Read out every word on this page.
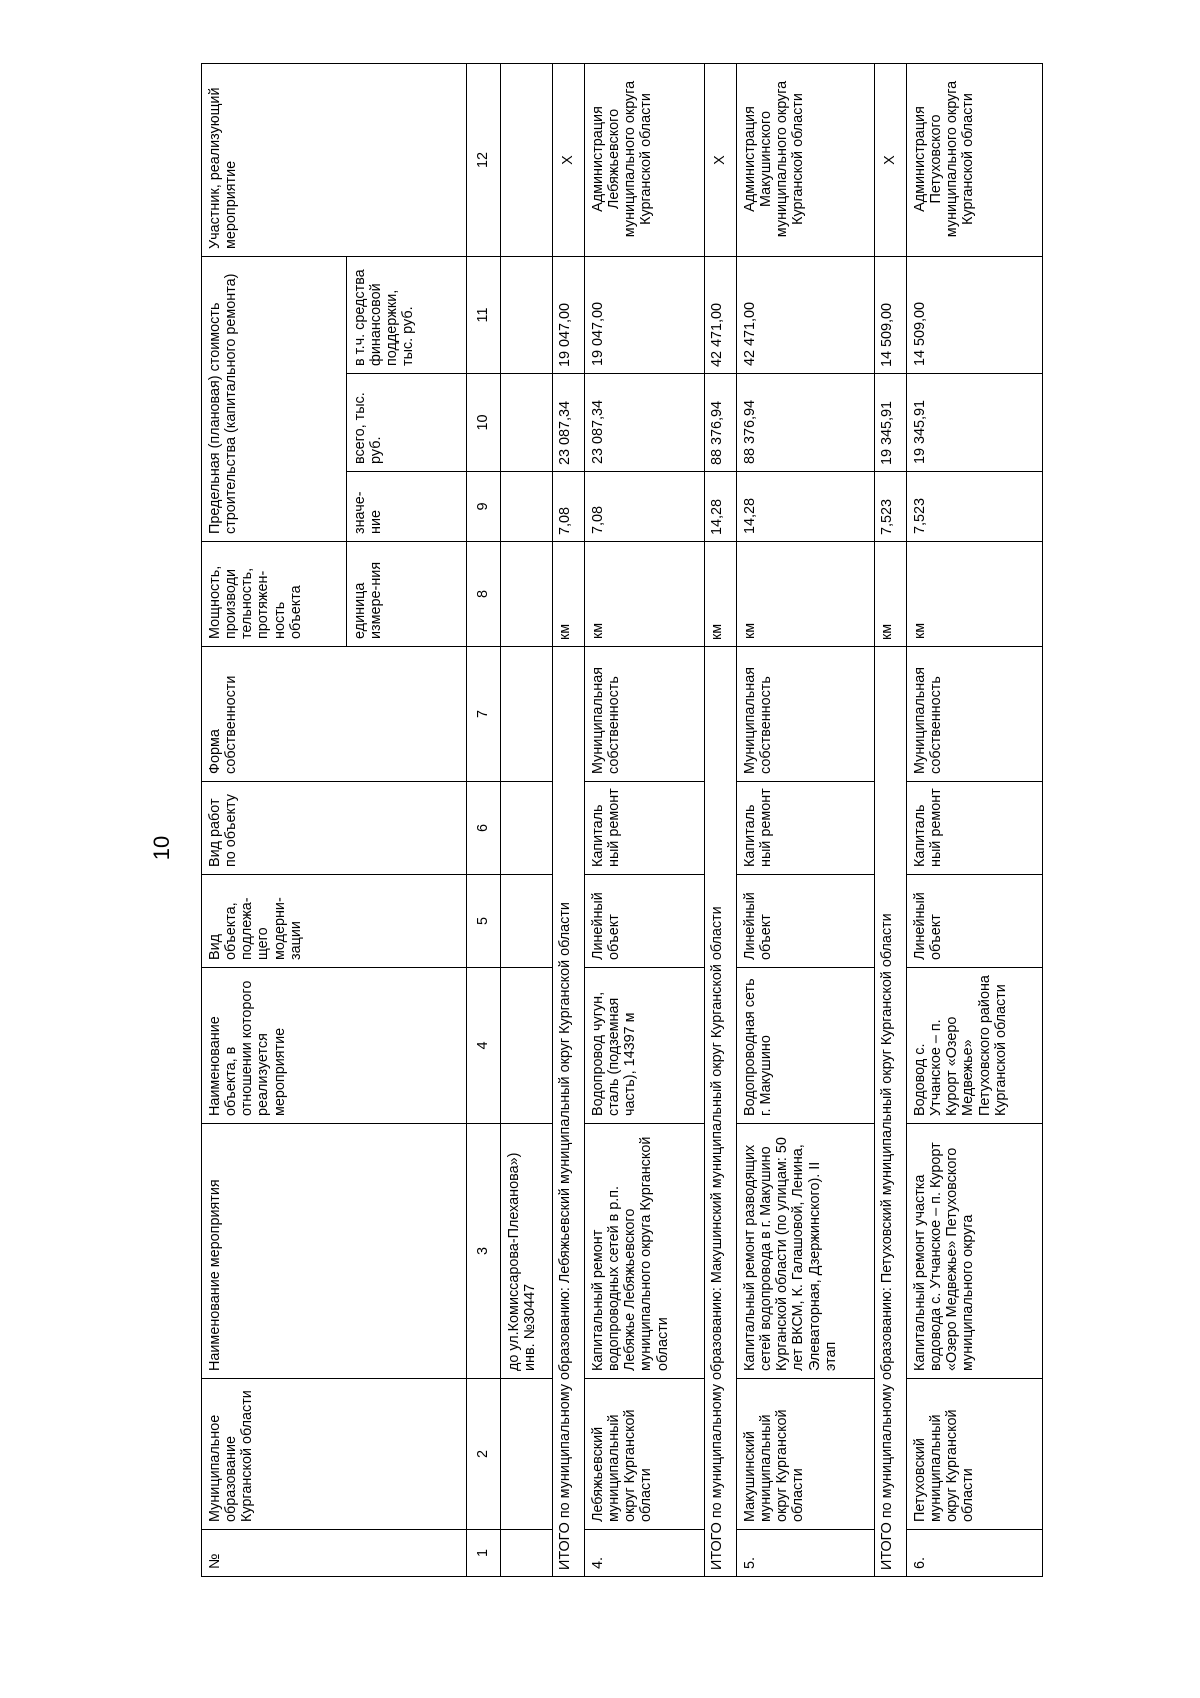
10
№	Муниципальное образование Курганской области	Наименование мероприятия	Наименование объекта, в отношении которого реализуется мероприятие	Вид объекта, подлежа-щего модерни-зации	Вид работ по объекту	Форма собственности	Мощность, производи тельность, протяжен-ность объекта	Предельная (плановая) стоимость строительства (капитального ремонта)			Участник, реализующий мероприятие
							единица измере-ния	значе-ние	всего, тыс. руб.	в т.ч. средства финансовой поддержки, тыс. руб.	
1	2	3	4	5	6	7	8	9	10	11	12
		до ул.Комиссарова-Плеханова») инв. №30447									
ИТОГО по муниципальному образованию: Лебяжьевский муниципальный округ Курганской области							км	7,08	23 087,34	19 047,00	Х
4.	Лебяжьевский муниципальный округ Курганской области	Капитальный ремонт водопроводных сетей в р.п. Лебяжье Лебяжьевского муниципального округа Курганской области	Водопровод чугун, сталь (подземная часть), 14397 м	Линейный объект	Капиталь ный ремонт	Муниципальная собственность	км	7,08	23 087,34	19 047,00	Администрация Лебяжьевского муниципального округа Курганской области
ИТОГО по муниципальному образованию: Макушинский муниципальный округ Курганской области							км	14,28	88 376,94	42 471,00	Х
5.	Макушинский муниципальный округ Курганской области	Капитальный ремонт разводящих сетей водопровода в г. Макушино Курганской области (по улицам: 50 лет ВКСМ, К. Галашовой, Ленина, Элеваторная, Дзержинского). II этап	Водопроводная сеть г. Макушино	Линейный объект	Капиталь ный ремонт	Муниципальная собственность	км	14,28	88 376,94	42 471,00	Администрация Макушинского муниципального округа Курганской области
ИТОГО по муниципальному образованию: Петуховский муниципальный округ Курганской области							км	7,523	19 345,91	14 509,00	Х
6.	Петуховский муниципальный округ Курганской области	Капитальный ремонт участка водовода с. Утчанское – п. Курорт «Озеро Медвежье» Петуховского муниципального округа	Водовод с. Утчанское – п. Курорт «Озеро Медвежье» Петуховского района Курганской области	Линейный объект	Капиталь ный ремонт	Муниципальная собственность	км	7,523	19 345,91	14 509,00	Администрация Петуховского муниципального округа Курганской области
